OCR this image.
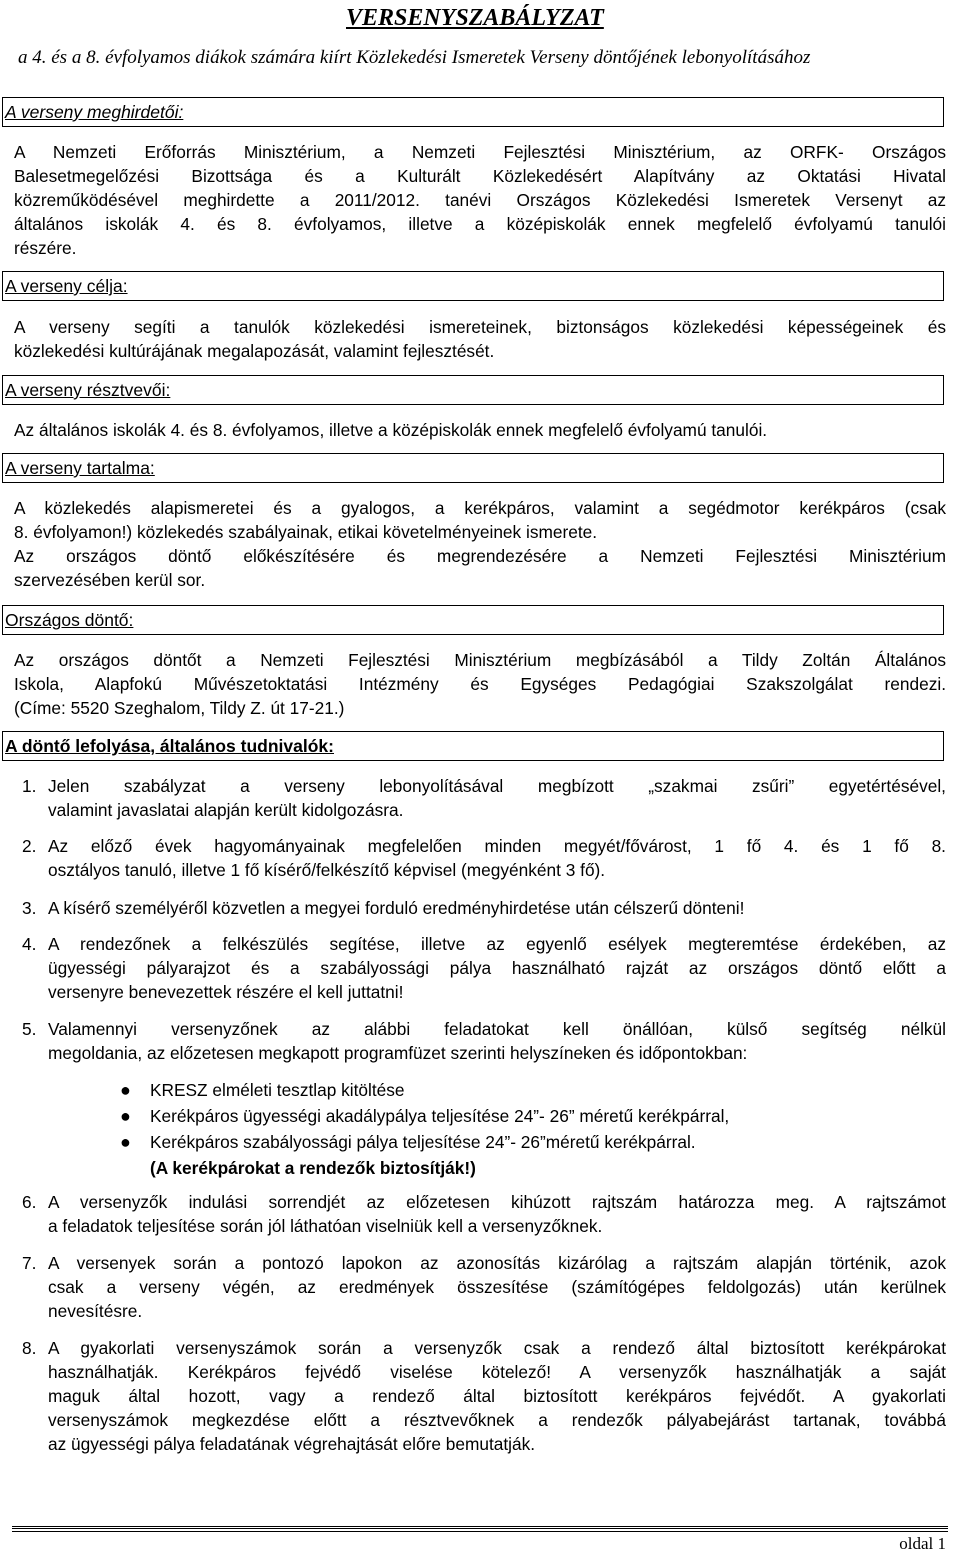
VERSENYSZABÁLYZAT
a 4. és a 8. évfolyamos diákok számára kiírt Közlekedési Ismeretek Verseny döntőjének lebonyolításához
A verseny meghirdetői:
A Nemzeti Erőforrás Minisztérium, a Nemzeti Fejlesztési Minisztérium, az ORFK- Országos
Balesetmegelőzési Bizottsága és a Kulturált Közlekedésért Alapítvány az Oktatási Hivatal
közreműködésével meghirdette a 2011/2012. tanévi Országos Közlekedési Ismeretek Versenyt az
általános iskolák 4. és 8. évfolyamos, illetve a középiskolák ennek megfelelő évfolyamú tanulói
részére.
A verseny célja:
A verseny segíti a tanulók közlekedési ismereteinek, biztonságos közlekedési képességeinek és
közlekedési kultúrájának megalapozását, valamint fejlesztését.
A verseny résztvevői:
Az általános iskolák 4. és 8. évfolyamos, illetve a középiskolák ennek megfelelő évfolyamú tanulói.
A verseny tartalma:
A közlekedés alapismeretei és a gyalogos, a kerékpáros, valamint a segédmotor kerékpáros (csak
8. évfolyamon!) közlekedés szabályainak, etikai követelményeinek ismerete.
Az országos döntő előkészítésére és megrendezésére a Nemzeti Fejlesztési Minisztérium
szervezésében kerül sor.
Országos döntő:
Az országos döntőt a Nemzeti Fejlesztési Minisztérium megbízásából a Tildy Zoltán Általános
Iskola, Alapfokú Művészetoktatási Intézmény és Egységes Pedagógiai Szakszolgálat rendezi.
(Címe: 5520 Szeghalom, Tildy Z. út 17-21.)
A döntő lefolyása, általános tudnivalók:
1. Jelen szabályzat a verseny lebonyolításával megbízott „szakmai zsűri” egyetértésével,
valamint javaslatai alapján került kidolgozásra.
2. Az előző évek hagyományainak megfelelően minden megyét/fővárost, 1 fő 4. és 1 fő 8.
osztályos tanuló, illetve 1 fő kísérő/felkészítő képvisel (megyénként 3 fő).
3. A kísérő személyéről közvetlen a megyei forduló eredményhirdetése után célszerű dönteni!
4. A rendezőnek a felkészülés segítése, illetve az egyenlő esélyek megteremtése érdekében, az
ügyességi pályarajzot és a szabályossági pálya használható rajzát az országos döntő előtt a
versenyre benevezettek részére el kell juttatni!
5. Valamennyi versenyzőnek az alábbi feladatokat kell önállóan, külső segítség nélkül
megoldania, az előzetesen megkapott programfüzet szerinti helyszíneken és időpontokban:
● KRESZ elméleti tesztlap kitöltése
● Kerékpáros ügyességi akadálypálya teljesítése 24”- 26” méretű kerékpárral,
● Kerékpáros szabályossági pálya teljesítése 24”- 26”méretű kerékpárral.
(A kerékpárokat a rendezők biztosítják!)
6. A versenyzők indulási sorrendjét az előzetesen kihúzott rajtszám határozza meg. A rajtszámot
a feladatok teljesítése során jól láthatóan viselniük kell a versenyzőknek.
7. A versenyek során a pontozó lapokon az azonosítás kizárólag a rajtszám alapján történik, azok
csak a verseny végén, az eredmények összesítése (számítógépes feldolgozás) után kerülnek
nevesítésre.
8. A gyakorlati versenyszámok során a versenyzők csak a rendező által biztosított kerékpárokat
használhatják. Kerékpáros fejvédő viselése kötelező! A versenyzők használhatják a saját
maguk által hozott, vagy a rendező által biztosított kerékpáros fejvédőt. A gyakorlati
versenyszámok megkezdése előtt a résztvevőknek a rendezők pályabejárást tartanak, továbbá
az ügyességi pálya feladatának végrehajtását előre bemutatják.
oldal 1
